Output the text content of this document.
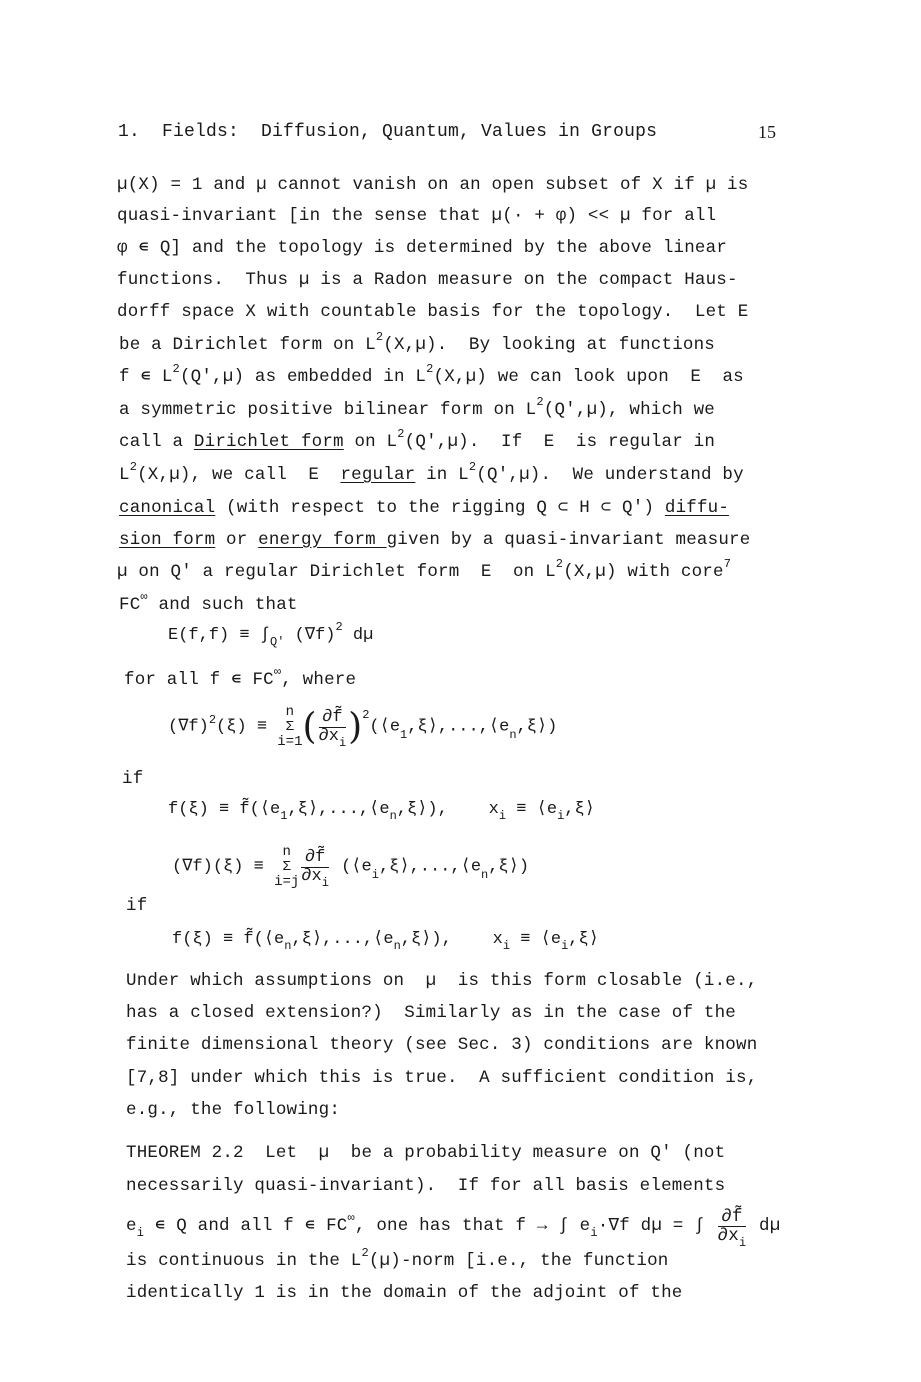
1.  Fields:  Diffusion, Quantum, Values in Groups	15
µ(X) = 1 and µ cannot vanish on an open subset of X if µ is
quasi-invariant [in the sense that µ(· + φ) << µ for all
φ ∊ Q] and the topology is determined by the above linear
functions.  Thus µ is a Radon measure on the compact Haus-
dorff space X with countable basis for the topology.  Let E
be a Dirichlet form on $L^2(X,\mu)$.  By looking at functions
f ∊ $L^2(Q',\mu)$ as embedded in $L^2(X,\mu)$ we can look upon  E  as
a symmetric positive bilinear form on $L^2(Q',\mu)$, which we
call a Dirichlet form on $L^2(Q',\mu)$.  If  E  is regular in
$L^2(X,\mu)$, we call  E  regular in $L^2(Q',\mu)$.  We understand by
canonical (with respect to the rigging Q ⊂ H ⊂ Q') diffu-
sion form or energy form given by a quasi-invariant measure
µ on Q' a regular Dirichlet form  E  on $L^2(X,\mu)$ with core$^7$
FC∞ and such that
$E(f,f) \equiv \int_{Q'}$ $(\nabla f)^2$ dµ
for all f ∊ FC∞, where
$(\nabla f)^2(\xi)$ ≡
n
Σ
i=1 ( $\frac{\partial f̃}{\partial x_i}$ )$^2(⟨e_1,\xi⟩,...,⟨e_n,\xi⟩)$
if
$f(\xi) \equiv f̃(⟨e_1,\xi⟩,...,⟨e_n,\xi⟩)$,    $x_i$ ≡ $⟨e_i,\xi⟩$
(∇f)(ξ) ≡
n
Σ
$i=j \frac{\partial f̃}{\partial x_i}$ $(⟨e_i,\xi⟩,...,⟨e_n,\xi⟩)$
if
$f(\xi) \equiv f̃(⟨e_n,\xi⟩,...,⟨e_n,\xi⟩)$,    $x_i$ ≡ $⟨e_i,\xi⟩$
Under which assumptions on  µ  is this form closable (i.e.,
has a closed extension?)  Similarly as in the case of the
finite dimensional theory (see Sec. 3) conditions are known
[7,8] under which this is true.  A sufficient condition is,
e.g., the following:
THEOREM 2.2  Let  µ  be a probability measure on Q' (not
necessarily quasi-invariant).  If for all basis elements
$e_i$ ∊ Q and all f ∊ FC∞, one has that f → ∫ $e_i\cdot\nabla f$ dµ = ∫ $\frac{\partial f̃}{\partial x_i}$ dµ
is continuous in the $L^2(\mu)$-norm [i.e., the function
identically 1 is in the domain of the adjoint of the
